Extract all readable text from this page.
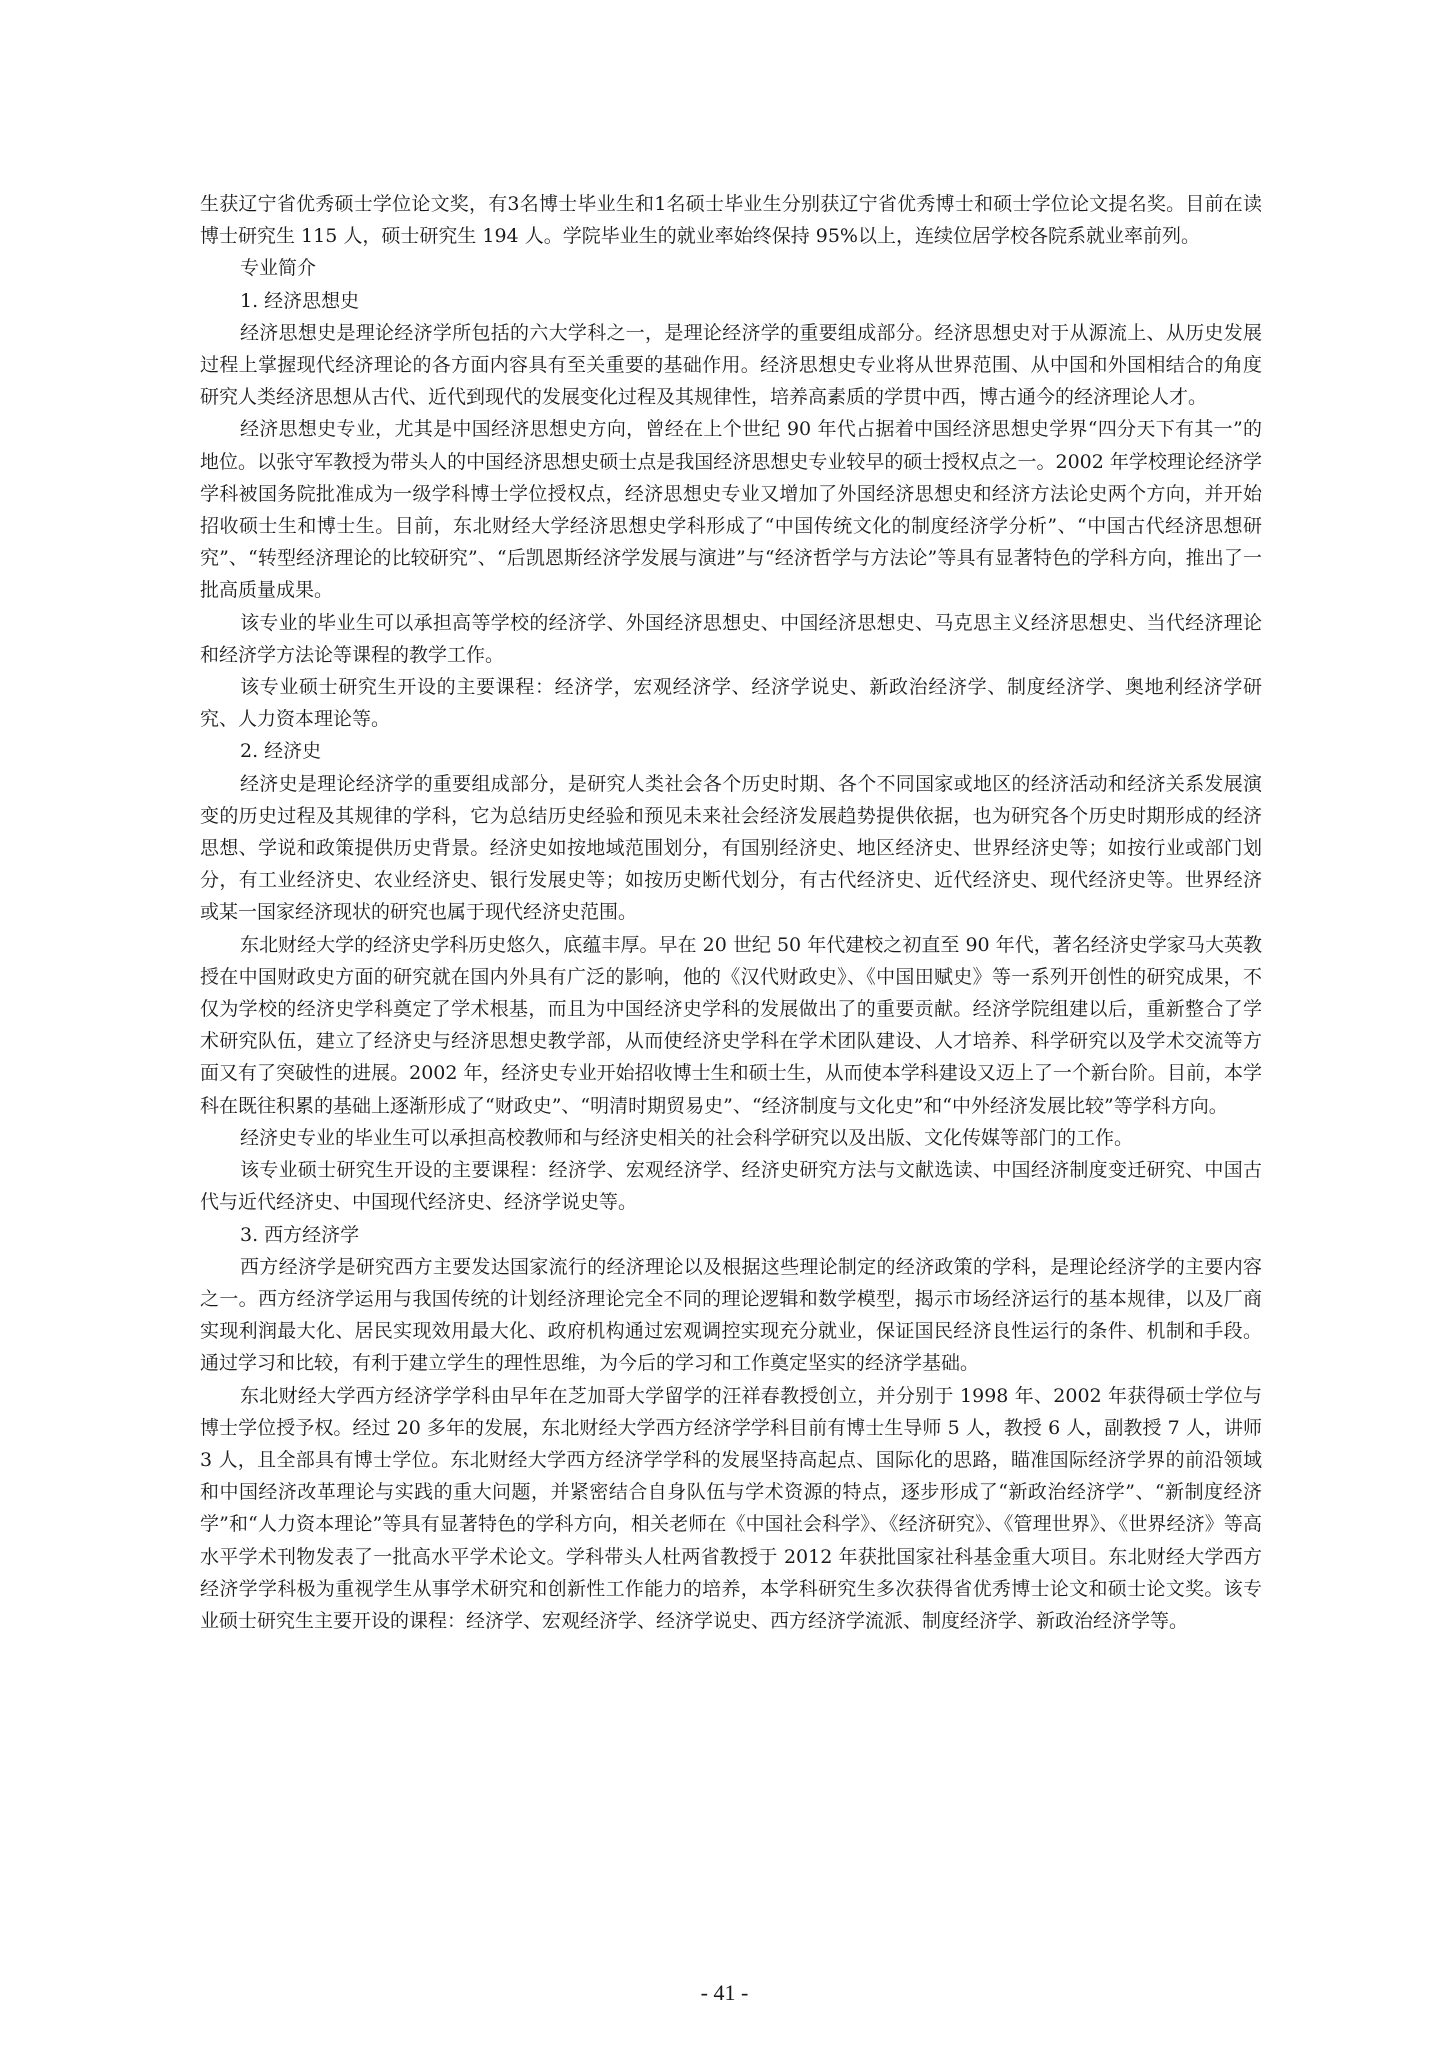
生获辽宁省优秀硕士学位论文奖，有3名博士毕业生和1名硕士毕业生分别获辽宁省优秀博士和硕士学位论文提名奖。目前在读博士研究生 115 人，硕士研究生 194 人。学院毕业生的就业率始终保持 95%以上，连续位居学校各院系就业率前列。

专业简介

1. 经济思想史

经济思想史是理论经济学所包括的六大学科之一，是理论经济学的重要组成部分。经济思想史对于从源流上、从历史发展过程上掌握现代经济理论的各方面内容具有至关重要的基础作用。经济思想史专业将从世界范围、从中国和外国相结合的角度研究人类经济思想从古代、近代到现代的发展变化过程及其规律性，培养高素质的学贯中西，博古通今的经济理论人才。

经济思想史专业，尤其是中国经济思想史方向，曾经在上个世纪 90 年代占据着中国经济思想史学界“四分天下有其一”的地位。以张守军教授为带头人的中国经济思想史硕士点是我国经济思想史专业较早的硕士授权点之一。2002 年学校理论经济学学科被国务院批准成为一级学科博士学位授权点，经济思想史专业又增加了外国经济思想史和经济方法论史两个方向，并开始招收硕士生和博士生。目前，东北财经大学经济思想史学科形成了“中国传统文化的制度经济学分析”、“中国古代经济思想研究”、“转型经济理论的比较研究”、“后凯恩斯经济学发展与演进”与“经济哲学与方法论”等具有显著特色的学科方向，推出了一批高质量成果。

该专业的毕业生可以承担高等学校的经济学、外国经济思想史、中国经济思想史、马克思主义经济思想史、当代经济理论和经济学方法论等课程的教学工作。

该专业硕士研究生开设的主要课程：经济学，宏观经济学、经济学说史、新政治经济学、制度经济学、奥地利经济学研究、人力资本理论等。

2. 经济史

经济史是理论经济学的重要组成部分，是研究人类社会各个历史时期、各个不同国家或地区的经济活动和经济关系发展演变的历史过程及其规律的学科，它为总结历史经验和预见未来社会经济发展趋势提供依据，也为研究各个历史时期形成的经济思想、学说和政策提供历史背景。经济史如按地域范围划分，有国别经济史、地区经济史、世界经济史等；如按行业或部门划分，有工业经济史、农业经济史、银行发展史等；如按历史断代划分，有古代经济史、近代经济史、现代经济史等。世界经济或某一国家经济现状的研究也属于现代经济史范围。

东北财经大学的经济史学科历史悠久，底蕴丰厚。早在 20 世纪 50 年代建校之初直至 90 年代，著名经济史学家马大英教授在中国财政史方面的研究就在国内外具有广泛的影响，他的《汉代财政史》、《中国田赋史》等一系列开创性的研究成果，不仅为学校的经济史学科奠定了学术根基，而且为中国经济史学科的发展做出了的重要贡献。经济学院组建以后，重新整合了学术研究队伍，建立了经济史与经济思想史教学部，从而使经济史学科在学术团队建设、人才培养、科学研究以及学术交流等方面又有了突破性的进展。2002 年，经济史专业开始招收博士生和硕士生，从而使本学科建设又迈上了一个新台阶。目前，本学科在既往积累的基础上逐渐形成了“财政史”、“明清时期贸易史”、“经济制度与文化史”和“中外经济发展比较”等学科方向。

经济史专业的毕业生可以承担高校教师和与经济史相关的社会科学研究以及出版、文化传媒等部门的工作。

该专业硕士研究生开设的主要课程：经济学、宏观经济学、经济史研究方法与文献选读、中国经济制度变迁研究、中国古代与近代经济史、中国现代经济史、经济学说史等。

3. 西方经济学

西方经济学是研究西方主要发达国家流行的经济理论以及根据这些理论制定的经济政策的学科，是理论经济学的主要内容之一。西方经济学运用与我国传统的计划经济理论完全不同的理论逻辑和数学模型，揭示市场经济运行的基本规律，以及厂商实现利润最大化、居民实现效用最大化、政府机构通过宏观调控实现充分就业，保证国民经济良性运行的条件、机制和手段。通过学习和比较，有利于建立学生的理性思维，为今后的学习和工作奠定坚实的经济学基础。

东北财经大学西方经济学学科由早年在芝加哥大学留学的汪祥春教授创立，并分别于 1998 年、2002 年获得硕士学位与博士学位授予权。经过 20 多年的发展，东北财经大学西方经济学学科目前有博士生导师 5 人，教授 6 人，副教授 7 人，讲师 3 人，且全部具有博士学位。东北财经大学西方经济学学科的发展坚持高起点、国际化的思路，瞄准国际经济学界的前沿领域和中国经济改革理论与实践的重大问题，并紧密结合自身队伍与学术资源的特点，逐步形成了“新政治经济学”、“新制度经济学”和“人力资本理论”等具有显著特色的学科方向，相关老师在《中国社会科学》、《经济研究》、《管理世界》、《世界经济》等高水平学术刊物发表了一批高水平学术论文。学科带头人杜两省教授于 2012 年获批国家社科基金重大项目。东北财经大学西方经济学学科极为重视学生从事学术研究和创新性工作能力的培养，本学科研究生多次获得省优秀博士论文和硕士论文奖。该专业硕士研究生主要开设的课程：经济学、宏观经济学、经济学说史、西方经济学流派、制度经济学、新政治经济学等。

- 41 -
